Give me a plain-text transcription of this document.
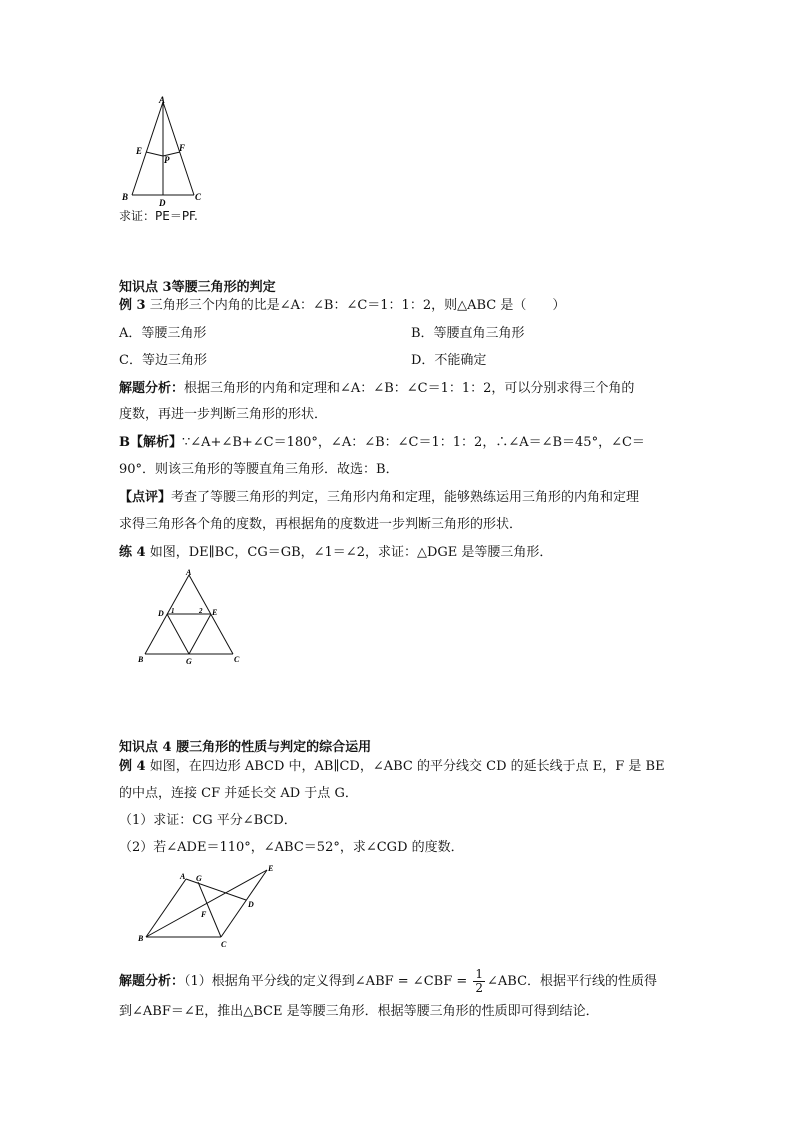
A
E	F
P
B
D
C
求证：PE＝PF.
知识点 3等腰三角形的判定
例 3 三角形三个内角的比是∠A：∠B：∠C＝1：1：2，则△ABC 是（　　）
A．等腰三角形	B．等腰直角三角形
C．等边三角形	D．不能确定
解题分析：根据三角形的内角和定理和∠A：∠B：∠C＝1：1：2，可以分别求得三个角的
度数，再进一步判断三角形的形状．
B【解析】∵∠A+∠B+∠C＝180°，∠A：∠B：∠C＝1：1：2，∴∠A＝∠B＝45°，∠C＝
90°．则该三角形的等腰直角三角形．故选：B．
【点评】考查了等腰三角形的判定，三角形内角和定理，能够熟练运用三角形的内角和定理
求得三角形各个角的度数，再根据角的度数进一步判断三角形的形状．
练 4 如图，DE∥BC，CG＝GB，∠1＝∠2，求证：△DGE 是等腰三角形．
A
D 1	2 E
B	G	C
知识点 4 腰三角形的性质与判定的综合运用
例 4 如图，在四边形 ABCD 中，AB∥CD，∠ABC 的平分线交 CD 的延长线于点 E，F 是 BE
的中点，连接 CF 并延长交 AD 于点 G．
（1）求证：CG 平分∠BCD．
（2）若∠ADE＝110°，∠ABC＝52°，求∠CGD 的度数．
A G
E
F
D
B
C
解题分析：（1）根据角平分线的定义得到∠ABF = ∠CBF = $\frac{1}{2}$ ∠ABC．根据平行线的性质得
到∠ABF＝∠E，推出△BCE 是等腰三角形．根据等腰三角形的性质即可得到结论．
